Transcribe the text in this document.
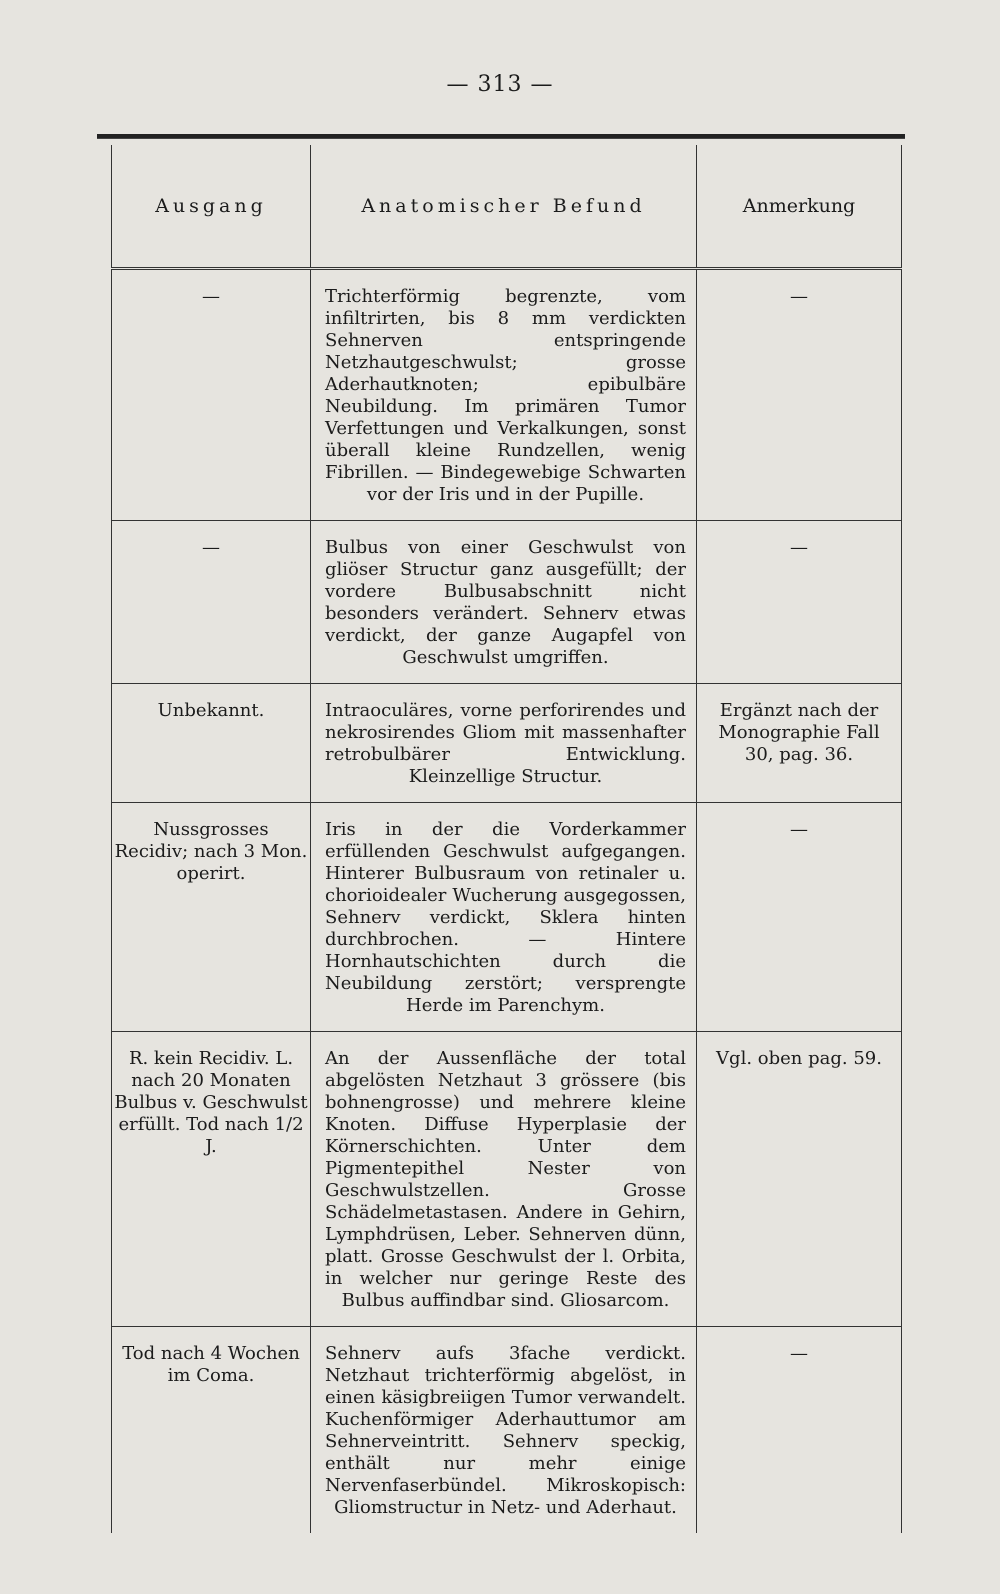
— 313 —
Ausgang	Anatomischer Befund	Anmerkung
—	Trichterförmig begrenzte, vom infiltrirten, bis 8 mm verdickten Sehnerven entspringende Netzhautgeschwulst; grosse Aderhautknoten; epibulbäre Neubildung. Im primären Tumor Verfettungen und Verkalkungen, sonst überall kleine Rundzellen, wenig Fibrillen. — Bindegewebige Schwarten vor der Iris und in der Pupille.	—
—	Bulbus von einer Geschwulst von gliöser Structur ganz ausgefüllt; der vordere Bulbusabschnitt nicht besonders verändert. Sehnerv etwas verdickt, der ganze Augapfel von Geschwulst umgriffen.	—
Unbekannt.	Intraoculäres, vorne perforirendes und nekrosirendes Gliom mit massenhafter retrobulbärer Entwicklung. Kleinzellige Structur.	Ergänzt nach der Monographie Fall 30, pag. 36.
Nussgrosses Recidiv; nach 3 Mon. operirt.	Iris in der die Vorderkammer erfüllenden Geschwulst aufgegangen. Hinterer Bulbusraum von retinaler u. chorioidealer Wucherung ausgegossen, Sehnerv verdickt, Sklera hinten durchbrochen. — Hintere Hornhautschichten durch die Neubildung zerstört; versprengte Herde im Parenchym.	—
R. kein Recidiv. L. nach 20 Monaten Bulbus v. Geschwulst erfüllt. Tod nach 1/2 J.	An der Aussenfläche der total abgelösten Netzhaut 3 grössere (bis bohnengrosse) und mehrere kleine Knoten. Diffuse Hyperplasie der Körnerschichten. Unter dem Pigmentepithel Nester von Geschwulstzellen. Grosse Schädelmetastasen. Andere in Gehirn, Lymphdrüsen, Leber. Sehnerven dünn, platt. Grosse Geschwulst der l. Orbita, in welcher nur geringe Reste des Bulbus auffindbar sind. Gliosarcom.	Vgl. oben pag. 59.
Tod nach 4 Wochen im Coma.	Sehnerv aufs 3fache verdickt. Netzhaut trichterförmig abgelöst, in einen käsigbreiigen Tumor verwandelt. Kuchenförmiger Aderhauttumor am Sehnerveintritt. Sehnerv speckig, enthält nur mehr einige Nervenfaserbündel. Mikroskopisch: Gliomstructur in Netz- und Aderhaut.	—
